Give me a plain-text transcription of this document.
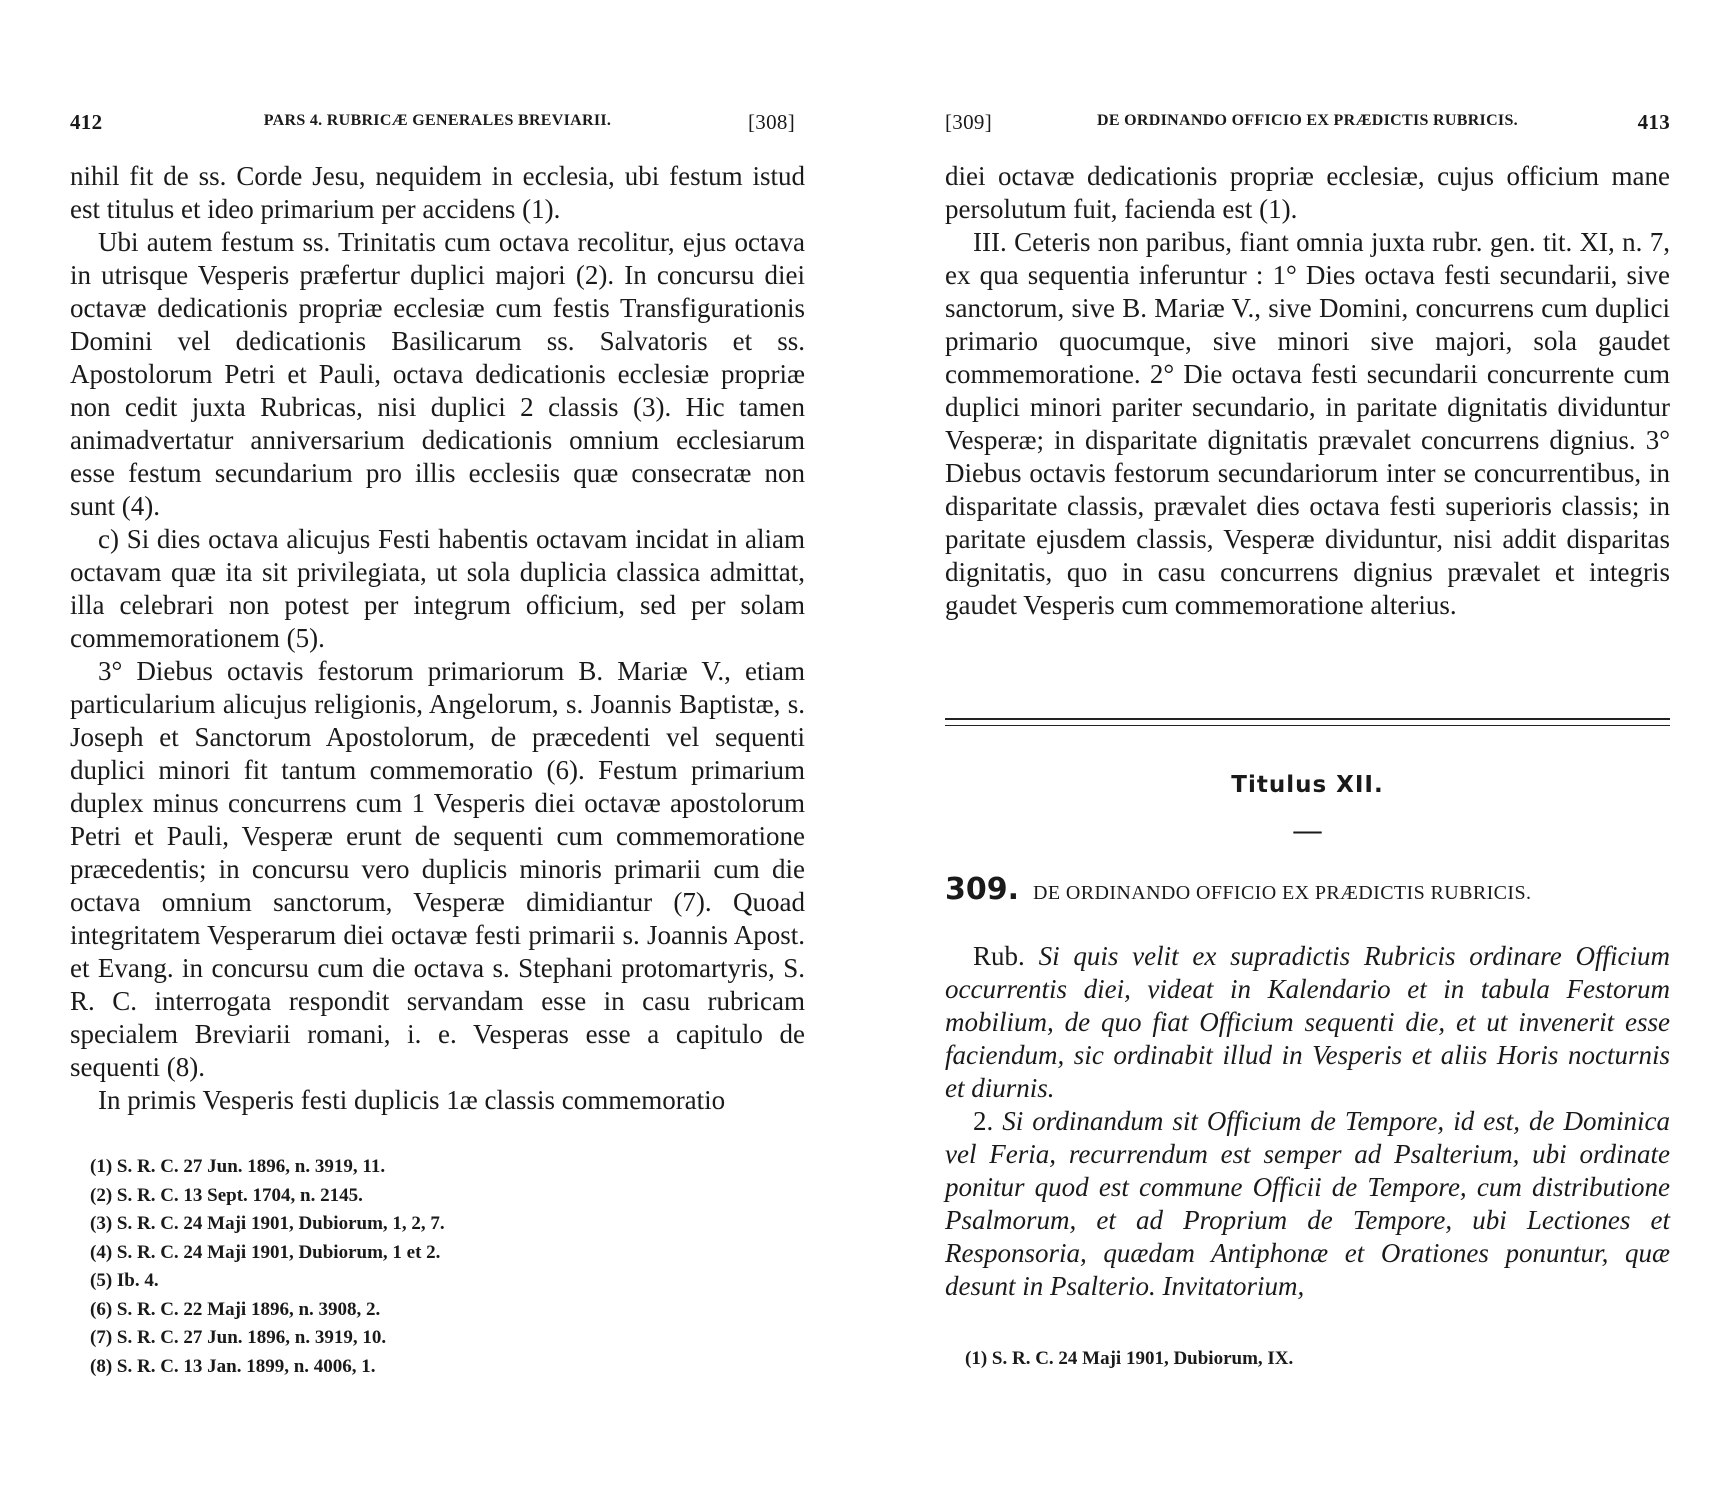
412	PARS 4. RUBRICÆ GENERALES BREVIARII.	[308]

nihil fit de ss. Corde Jesu, nequidem in ecclesia, ubi festum istud est titulus et ideo primarium per accidens (1).

Ubi autem festum ss. Trinitatis cum octava recolitur, ejus octava in utrisque Vesperis præfertur duplici majori (2). In concursu diei octavæ dedicationis propriæ ecclesiæ cum festis Transfigurationis Domini vel dedicationis Basilicarum ss. Salvatoris et ss. Apostolorum Petri et Pauli, octava dedicationis ecclesiæ propriæ non cedit juxta Rubricas, nisi duplici 2 classis (3). Hic tamen animadvertatur anniversarium dedicationis omnium ecclesiarum esse festum secundarium pro illis ecclesiis quæ consecratæ non sunt (4).

c) Si dies octava alicujus Festi habentis octavam incidat in aliam octavam quæ ita sit privilegiata, ut sola duplicia classica admittat, illa celebrari non potest per integrum officium, sed per solam commemorationem (5).

3° Diebus octavis festorum primariorum B. Mariæ V., etiam particularium alicujus religionis, Angelorum, s. Joannis Baptistæ, s. Joseph et Sanctorum Apostolorum, de præcedenti vel sequenti duplici minori fit tantum commemoratio (6). Festum primarium duplex minus concurrens cum 1 Vesperis diei octavæ apostolorum Petri et Pauli, Vesperæ erunt de sequenti cum commemoratione præcedentis; in concursu vero duplicis minoris primarii cum die octava omnium sanctorum, Vesperæ dimidiantur (7). Quoad integritatem Vesperarum diei octavæ festi primarii s. Joannis Apost. et Evang. in concursu cum die octava s. Stephani protomartyris, S. R. C. interrogata respondit servandam esse in casu rubricam specialem Breviarii romani, i. e. Vesperas esse a capitulo de sequenti (8).

In primis Vesperis festi duplicis 1æ classis commemoratio

(1) S. R. C. 27 Jun. 1896, n. 3919, 11.
(2) S. R. C. 13 Sept. 1704, n. 2145.
(3) S. R. C. 24 Maji 1901, Dubiorum, 1, 2, 7.
(4) S. R. C. 24 Maji 1901, Dubiorum, 1 et 2.
(5) Ib. 4.
(6) S. R. C. 22 Maji 1896, n. 3908, 2.
(7) S. R. C. 27 Jun. 1896, n. 3919, 10.
(8) S. R. C. 13 Jan. 1899, n. 4006, 1.
[309]	DE ORDINANDO OFFICIO EX PRÆDICTIS RUBRICIS.	413

diei octavæ dedicationis propriæ ecclesiæ, cujus officium mane persolutum fuit, facienda est (1).

III. Ceteris non paribus, fiant omnia juxta rubr. gen. tit. XI, n. 7, ex qua sequentia inferuntur : 1° Dies octava festi secundarii, sive sanctorum, sive B. Mariæ V., sive Domini, concurrens cum duplici primario quocumque, sive minori sive majori, sola gaudet commemoratione. 2° Die octava festi secundarii concurrente cum duplici minori pariter secundario, in paritate dignitatis dividuntur Vesperæ; in disparitate dignitatis prævalet concurrens dignius. 3° Diebus octavis festorum secundariorum inter se concurrentibus, in disparitate classis, prævalet dies octava festi superioris classis; in paritate ejusdem classis, Vesperæ dividuntur, nisi addit disparitas dignitatis, quo in casu concurrens dignius prævalet et integris gaudet Vesperis cum commemoratione alterius.

Titulus XII.
—
309. DE ORDINANDO OFFICIO EX PRÆDICTIS RUBRICIS.

Rub. Si quis velit ex supradictis Rubricis ordinare Officium occurrentis diei, videat in Kalendario et in tabula Festorum mobilium, de quo fiat Officium sequenti die, et ut invenerit esse faciendum, sic ordinabit illud in Vesperis et aliis Horis nocturnis et diurnis.

2. Si ordinandum sit Officium de Tempore, id est, de Dominica vel Feria, recurrendum est semper ad Psalterium, ubi ordinate ponitur quod est commune Officii de Tempore, cum distributione Psalmorum, et ad Proprium de Tempore, ubi Lectiones et Responsoria, quædam Antiphonæ et Orationes ponuntur, quæ desunt in Psalterio. Invitatorium,

(1) S. R. C. 24 Maji 1901, Dubiorum, IX.
